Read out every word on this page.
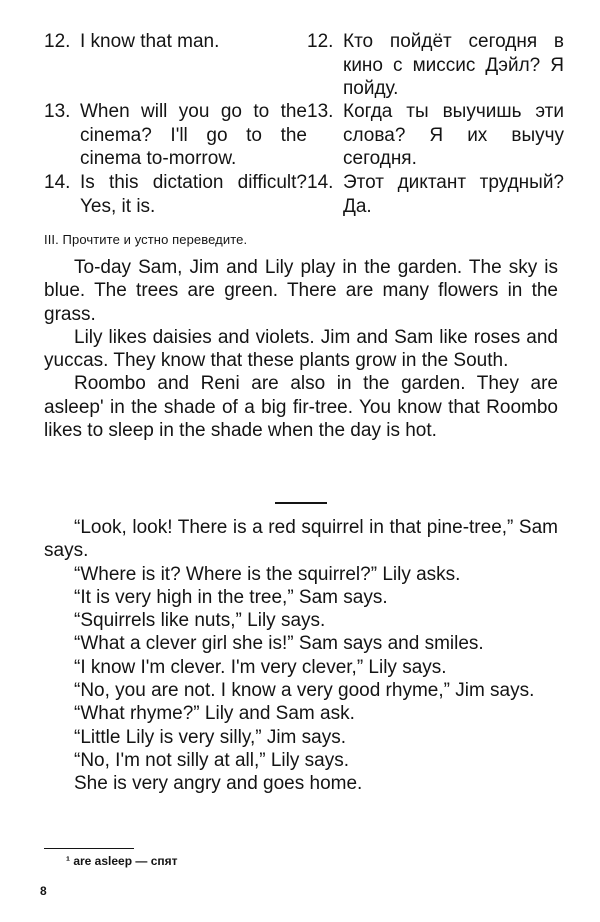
12. I know that man.	12. Кто пойдёт сегодня в кино с миссис Дэйл? Я пойду.
13. When will you go to the cinema? I'll go to the cinema to-morrow.
13. Когда ты выучишь эти слова? Я их выучу сегодня.
14. Is this dictation difficult? Yes, it is.
14. Этот диктант трудный? Да.
III. Прочтите и устно переведите.

To-day Sam, Jim and Lily play in the garden. The sky is blue. The trees are green. There are many flowers in the grass.

Lily likes daisies and violets. Jim and Sam like roses and yuccas. They know that these plants grow in the South.

Roombo and Reni are also in the garden. They are asleep' in the shade of a big fir-tree. You know that Roombo likes to sleep in the shade when the day is hot.

“Look, look! There is a red squirrel in that pine-tree,” Sam says.

“Where is it? Where is the squirrel?” Lily asks.

“It is very high in the tree,” Sam says.

“Squirrels like nuts,” Lily says.

“What a clever girl she is!” Sam says and smiles.

“I know I'm clever. I'm very clever,” Lily says.

“No, you are not. I know a very good rhyme,” Jim says.

“What rhyme?” Lily and Sam ask.

“Little Lily is very silly,” Jim says.

“No, I'm not silly at all,” Lily says.

She is very angry and goes home.

¹ are asleep — спят
8
